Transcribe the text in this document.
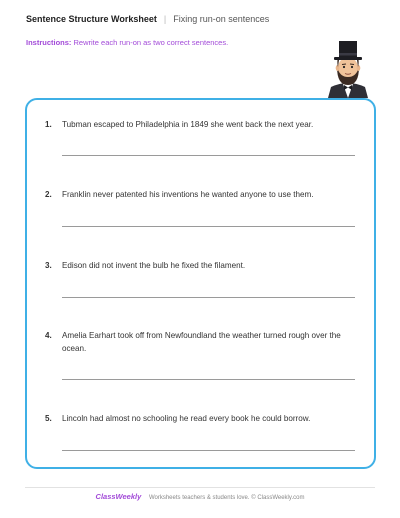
Sentence Structure Worksheet | Fixing run-on sentences
Instructions: Rewrite each run-on as two correct sentences.
1. Tubman escaped to Philadelphia in 1849 she went back the next year.
2. Franklin never patented his inventions he wanted anyone to use them.
3. Edison did not invent the bulb he fixed the filament.
4. Amelia Earhart took off from Newfoundland the weather turned rough over the ocean.
5. Lincoln had almost no schooling he read every book he could borrow.
ClassWeekly Worksheets teachers & students love. © ClassWeekly.com
